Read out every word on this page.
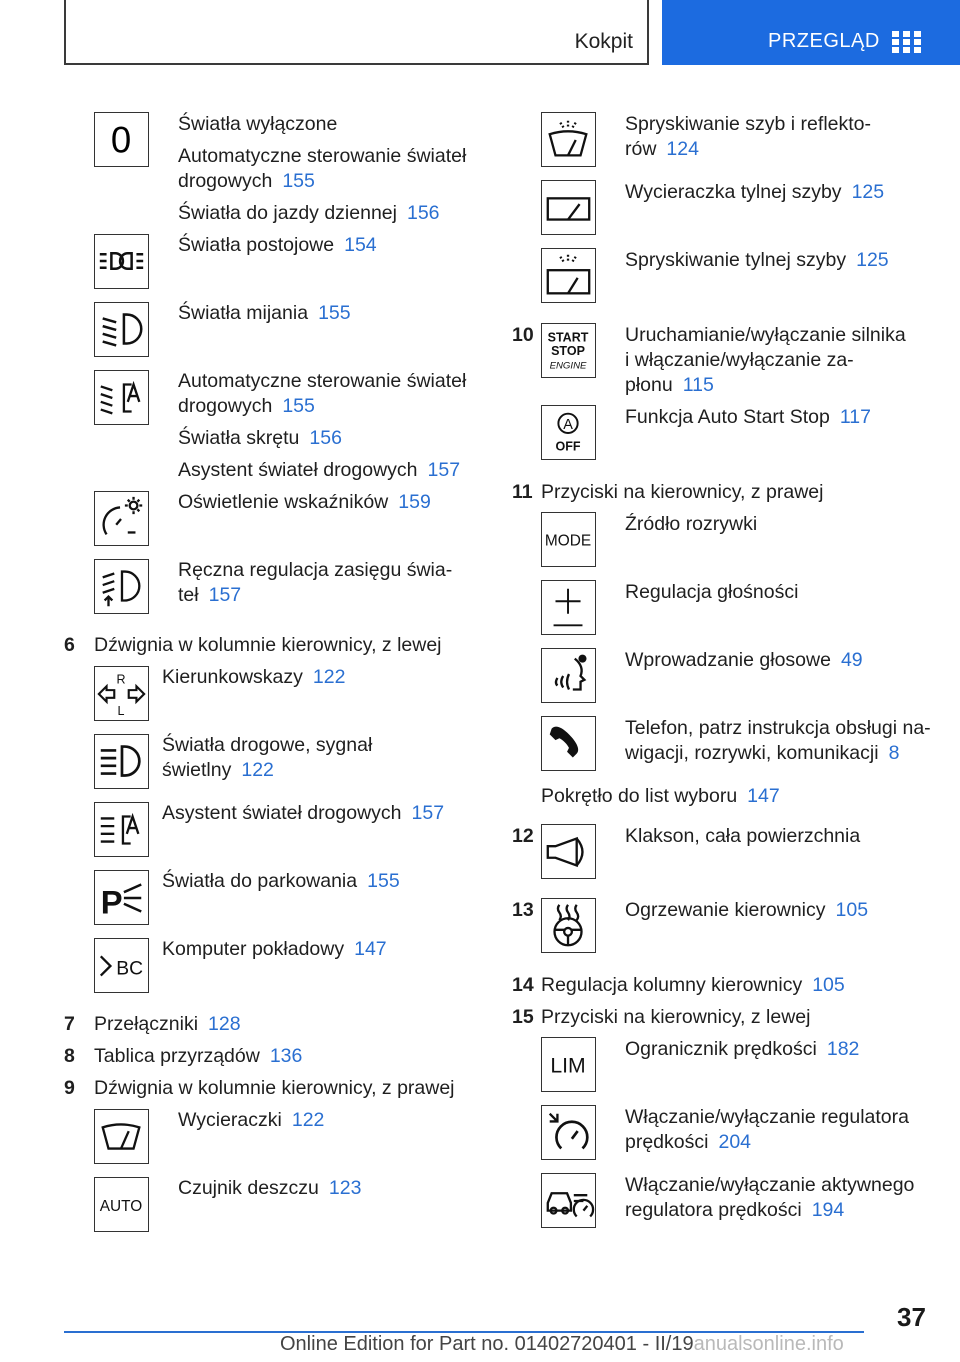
Kokpit	PRZEGLĄD
0 Światła wyłączone
Automatyczne sterowanie świateł
drogowych 155
Światła do jazdy dziennej 156
Światła postojowe 154
Światła mijania 155
Automatyczne sterowanie świateł
drogowych 155
Światła skrętu 156
Asystent świateł drogowych 157
Oświetlenie wskaźników 159
Ręczna regulacja zasięgu świa-
teł 157
6 Dźwignia w kolumnie kierownicy, z lewej
R
L
Kierunkowskazy 122
Światła drogowe, sygnał
świetlny 122
Asystent świateł drogowych 157
P
Światła do parkowania 155
BC
Komputer pokładowy 147
7 Przełączniki 128
8 Tablica przyrządów 136
9 Dźwignia w kolumnie kierownicy, z prawej
Wycieraczki 122
AUTO
Czujnik deszczu 123
Spryskiwanie szyb i reflekto-
rów 124
Wycieraczka tylnej szyby 125
Spryskiwanie tylnej szyby 125
10 START
STOP
ENGINE
Uruchamianie/wyłączanie silnika
i włączanie/wyłączanie za-
płonu 115
A
OFF
Funkcja Auto Start Stop 117
11 Przyciski na kierownicy, z prawej
MODE
Źródło rozrywki
Regulacja głośności
Wprowadzanie głosowe 49
Telefon, patrz instrukcja obsługi na-
wigacji, rozrywki, komunikacji 8
Pokrętło do list wyboru 147
12	Klakson, cała powierzchnia
13	Ogrzewanie kierownicy 105
14 Regulacja kolumny kierownicy 105
15 Przyciski na kierownicy, z lewej
LIM
Ogranicznik prędkości 182
Włączanie/wyłączanie regulatora
prędkości 204
Włączanie/wyłączanie aktywnego
regulatora prędkości 194
37
Online Edition for Part no. 01402720401 - II/19anualsonline.info
